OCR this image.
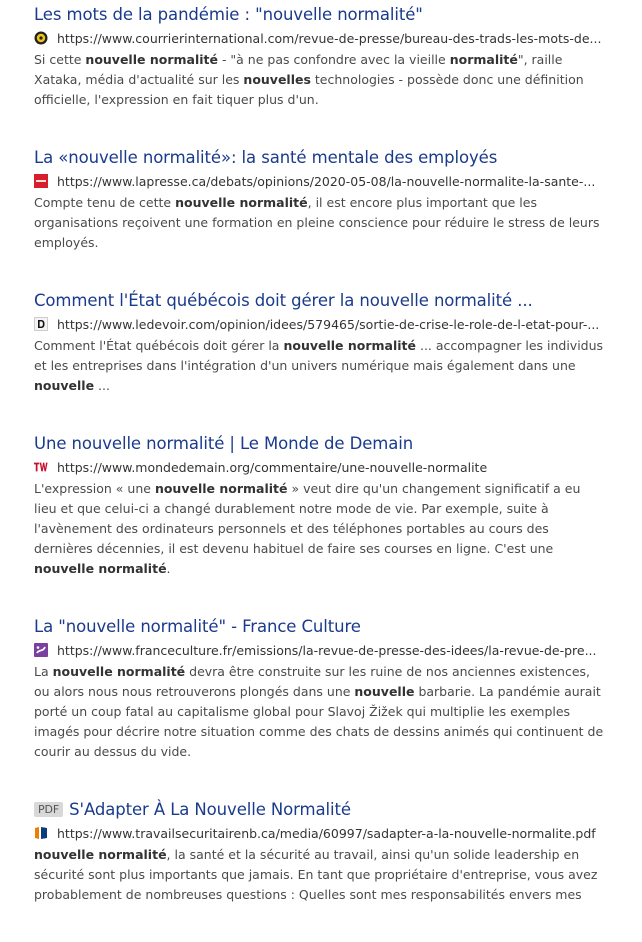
Les mots de la pandémie : "nouvelle normalité"
https://www.courrierinternational.com/revue-de-presse/bureau-des-trads-les-mots-de...
Si cette nouvelle normalité - "à ne pas confondre avec la vieille normalité", raille Xataka, média d'actualité sur les nouvelles technologies - possède donc une définition officielle, l'expression en fait tiquer plus d'un.
La «nouvelle normalité»: la santé mentale des employés
https://www.lapresse.ca/debats/opinions/2020-05-08/la-nouvelle-normalite-la-sante-...
Compte tenu de cette nouvelle normalité, il est encore plus important que les organisations reçoivent une formation en pleine conscience pour réduire le stress de leurs employés.
Comment l'État québécois doit gérer la nouvelle normalité ...
https://www.ledevoir.com/opinion/idees/579465/sortie-de-crise-le-role-de-l-etat-pour-...
Comment l'État québécois doit gérer la nouvelle normalité ... accompagner les individus et les entreprises dans l'intégration d'un univers numérique mais également dans une nouvelle ...
Une nouvelle normalité | Le Monde de Demain
https://www.mondedemain.org/commentaire/une-nouvelle-normalite
L'expression « une nouvelle normalité » veut dire qu'un changement significatif a eu lieu et que celui-ci a changé durablement notre mode de vie. Par exemple, suite à l'avènement des ordinateurs personnels et des téléphones portables au cours des dernières décennies, il est devenu habituel de faire ses courses en ligne. C'est une nouvelle normalité.
La "nouvelle normalité" - France Culture
https://www.franceculture.fr/emissions/la-revue-de-presse-des-idees/la-revue-de-pre...
La nouvelle normalité devra être construite sur les ruine de nos anciennes existences, ou alors nous nous retrouverons plongés dans une nouvelle barbarie. La pandémie aurait porté un coup fatal au capitalisme global pour Slavoj Žižek qui multiplie les exemples imagés pour décrire notre situation comme des chats de dessins animés qui continuent de courir au dessus du vide.
PDF S'Adapter À La Nouvelle Normalité
https://www.travailsecuritairenb.ca/media/60997/sadapter-a-la-nouvelle-normalite.pdf
nouvelle normalité, la santé et la sécurité au travail, ainsi qu'un solide leadership en sécurité sont plus importants que jamais. En tant que propriétaire d'entreprise, vous avez probablement de nombreuses questions : Quelles sont mes responsabilités envers mes
